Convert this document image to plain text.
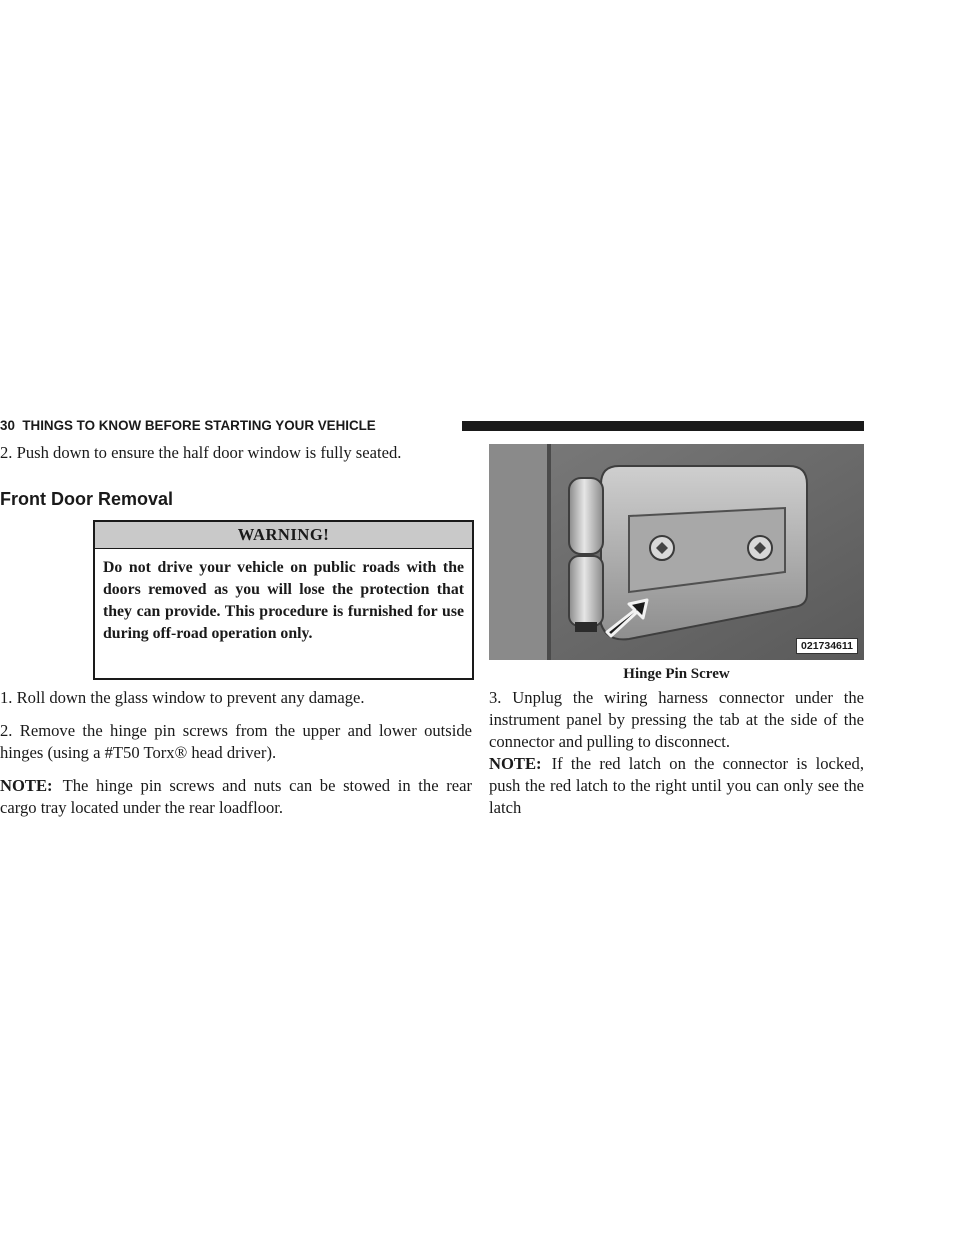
30 THINGS TO KNOW BEFORE STARTING YOUR VEHICLE

2. Push down to ensure the half door window is fully seated.

Front Door Removal
WARNING!
Do not drive your vehicle on public roads with the doors removed as you will lose the protection that they can provide. This procedure is furnished for use during off-road operation only.

1. Roll down the glass window to prevent any damage.

2. Remove the hinge pin screws from the upper and lower outside hinges (using a #T50 Torx® head driver).

NOTE: The hinge pin screws and nuts can be stowed in the rear cargo tray located under the rear loadfloor.

021734611
Hinge Pin Screw

3. Unplug the wiring harness connector under the instrument panel by pressing the tab at the side of the connector and pulling to disconnect.

NOTE: If the red latch on the connector is locked, push the red latch to the right until you can only see the latch
